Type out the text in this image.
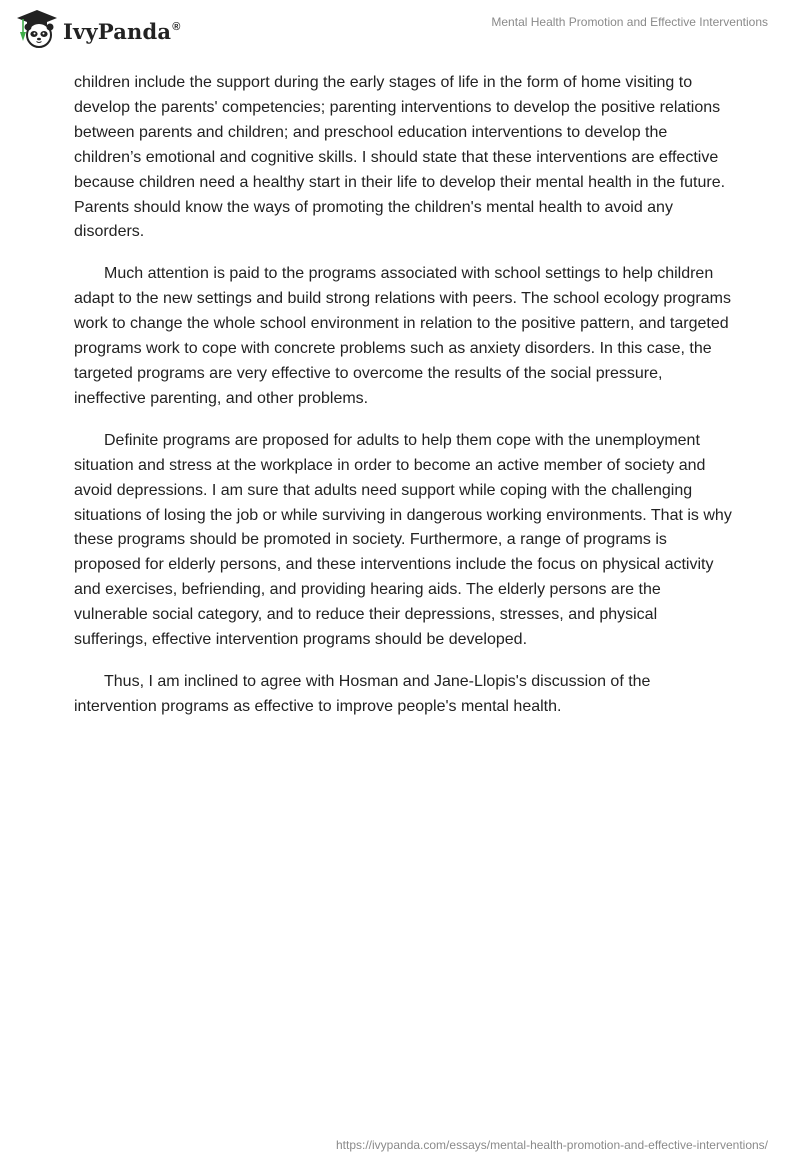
IvyPanda®	Mental Health Promotion and Effective Interventions

children include the support during the early stages of life in the form of home visiting to develop the parents' competencies; parenting interventions to develop the positive relations between parents and children; and preschool education interventions to develop the children’s emotional and cognitive skills. I should state that these interventions are effective because children need a healthy start in their life to develop their mental health in the future. Parents should know the ways of promoting the children's mental health to avoid any disorders.

Much attention is paid to the programs associated with school settings to help children adapt to the new settings and build strong relations with peers. The school ecology programs work to change the whole school environment in relation to the positive pattern, and targeted programs work to cope with concrete problems such as anxiety disorders. In this case, the targeted programs are very effective to overcome the results of the social pressure, ineffective parenting, and other problems.

Definite programs are proposed for adults to help them cope with the unemployment situation and stress at the workplace in order to become an active member of society and avoid depressions. I am sure that adults need support while coping with the challenging situations of losing the job or while surviving in dangerous working environments. That is why these programs should be promoted in society. Furthermore, a range of programs is proposed for elderly persons, and these interventions include the focus on physical activity and exercises, befriending, and providing hearing aids. The elderly persons are the vulnerable social category, and to reduce their depressions, stresses, and physical sufferings, effective intervention programs should be developed.

Thus, I am inclined to agree with Hosman and Jane-Llopis's discussion of the intervention programs as effective to improve people's mental health.

https://ivypanda.com/essays/mental-health-promotion-and-effective-interventions/
